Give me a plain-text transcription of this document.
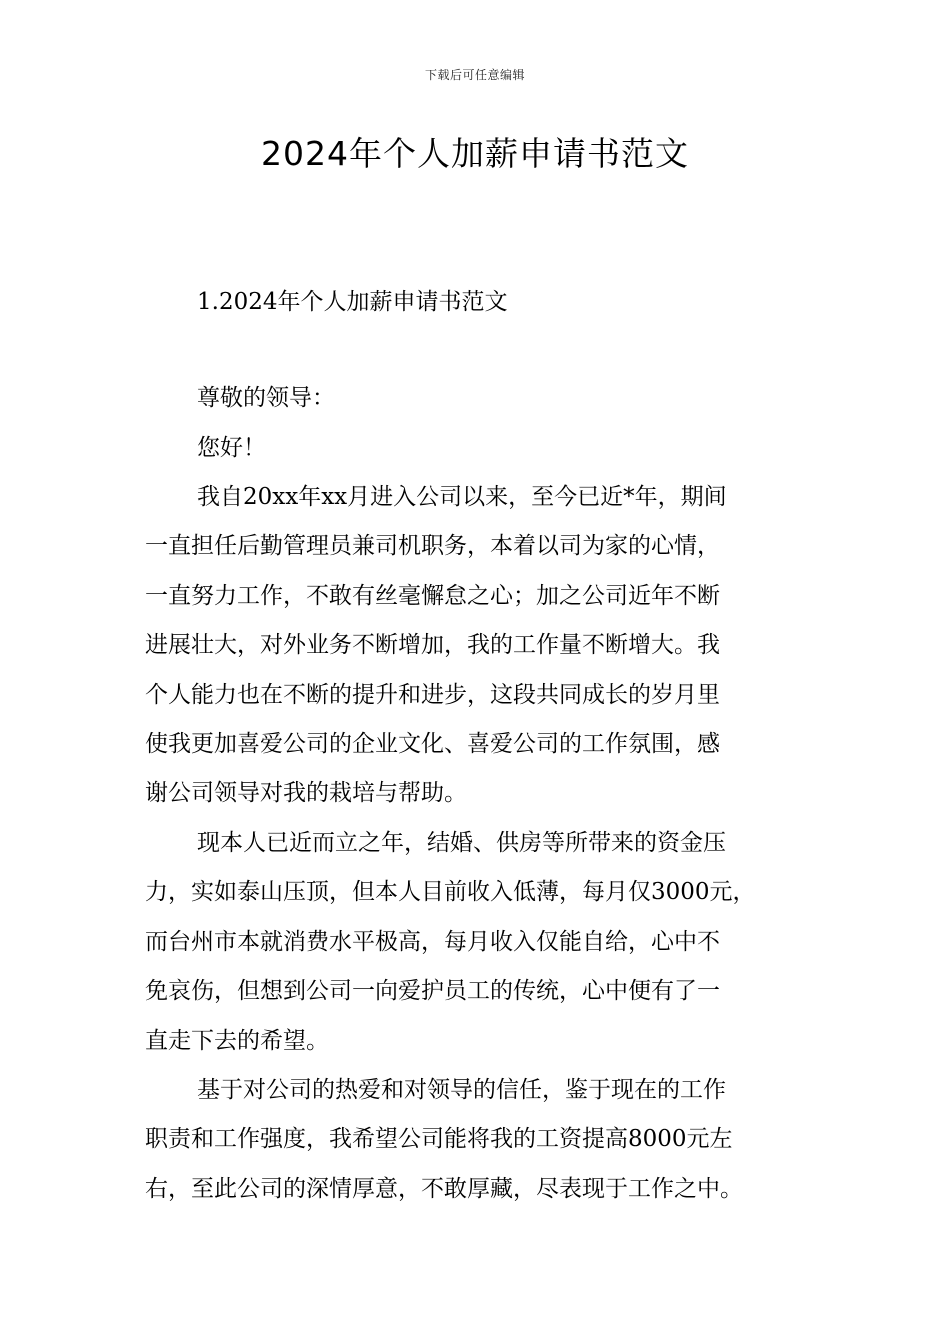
下载后可任意编辑
2024年个人加薪申请书范文

1.2024年个人加薪申请书范文

尊敬的领导：
您好！
我自20xx年xx月进入公司以来，至今已近*年，期间
一直担任后勤管理员兼司机职务，本着以司为家的心情，
一直努力工作，不敢有丝毫懈怠之心；加之公司近年不断
进展壮大，对外业务不断增加，我的工作量不断增大。我
个人能力也在不断的提升和进步，这段共同成长的岁月里
使我更加喜爱公司的企业文化、喜爱公司的工作氛围，感
谢公司领导对我的栽培与帮助。
现本人已近而立之年，结婚、供房等所带来的资金压
力，实如泰山压顶，但本人目前收入低薄，每月仅3000元，
而台州市本就消费水平极高，每月收入仅能自给，心中不
免哀伤，但想到公司一向爱护员工的传统，心中便有了一
直走下去的希望。
基于对公司的热爱和对领导的信任，鉴于现在的工作
职责和工作强度，我希望公司能将我的工资提高8000元左
右，至此公司的深情厚意，不敢厚藏，尽表现于工作之中。
